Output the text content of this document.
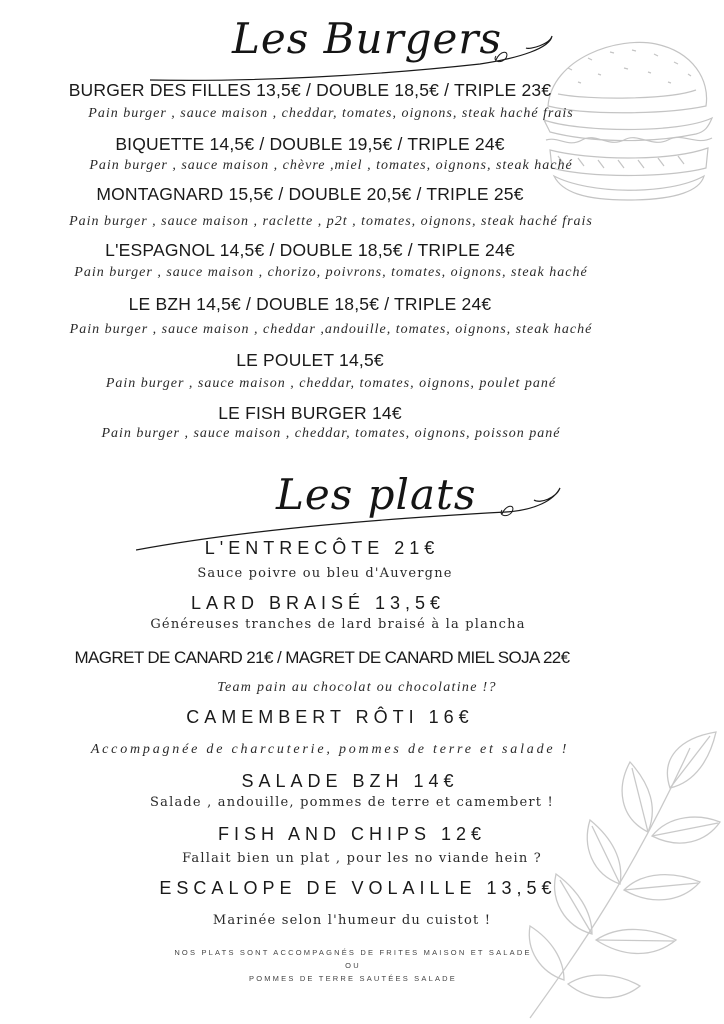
Les Burgers
BURGER DES FILLES 13,5€ / DOUBLE 18,5€ / TRIPLE 23€
Pain burger , sauce maison , cheddar, tomates, oignons, steak haché frais
BIQUETTE 14,5€ / DOUBLE 19,5€ / TRIPLE 24€
Pain burger , sauce maison , chèvre ,miel , tomates, oignons, steak haché
MONTAGNARD 15,5€ / DOUBLE 20,5€ / TRIPLE 25€
Pain burger , sauce maison , raclette , p2t , tomates, oignons, steak haché frais
L'ESPAGNOL 14,5€ / DOUBLE 18,5€ / TRIPLE 24€
Pain burger , sauce maison , chorizo, poivrons, tomates, oignons, steak haché
LE BZH 14,5€ / DOUBLE 18,5€ / TRIPLE 24€
Pain burger , sauce maison , cheddar ,andouille, tomates, oignons, steak haché
LE POULET 14,5€
Pain burger , sauce maison , cheddar, tomates, oignons, poulet pané
LE FISH BURGER 14€
Pain burger , sauce maison , cheddar, tomates, oignons, poisson pané
Les plats
L'ENTRECÔTE 21€
Sauce poivre ou bleu d'Auvergne
LARD BRAISÉ 13,5€
Généreuses tranches de lard braisé à la plancha
MAGRET DE CANARD 21€ / MAGRET DE CANARD MIEL SOJA 22€
Team pain au chocolat ou chocolatine !?
CAMEMBERT RÔTI 16€
Accompagnée de charcuterie, pommes de terre et salade !
SALADE BZH 14€
Salade , andouille, pommes de terre et camembert !
FISH AND CHIPS 12€
Fallait bien un plat , pour les no viande hein ?
ESCALOPE DE VOLAILLE 13,5€
Marinée selon l'humeur du cuistot !
NOS PLATS SONT ACCOMPAGNÉS DE FRITES MAISON ET SALADE
OU
POMMES DE TERRE SAUTÉES SALADE
